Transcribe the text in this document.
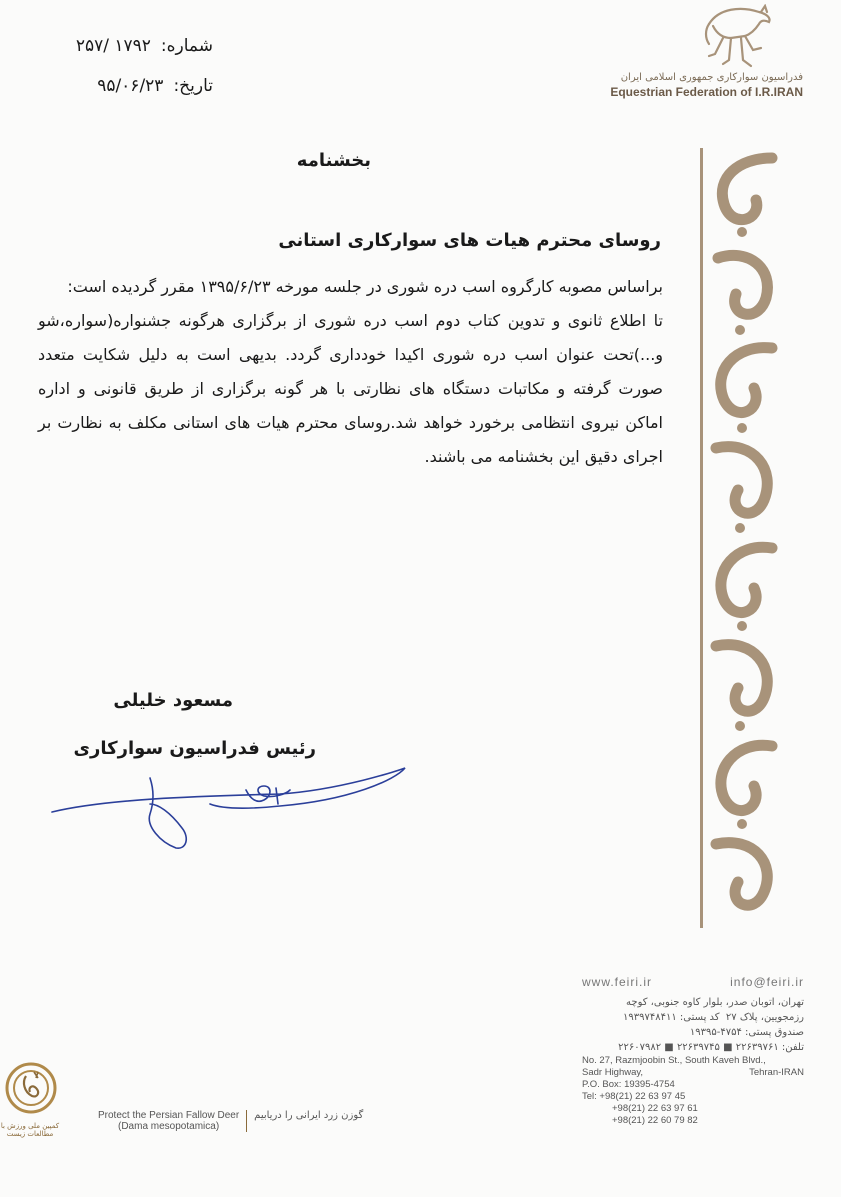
شماره:۱۷۹۲ /۲۵۷
تاریخ:۹۵/۰۶/۲۳	فدراسیون سوارکاری جمهوری اسلامی ایران
Equestrian Federation of I.R.IRAN
بخشنامه
روسای محترم هیات های سوارکاری استانی

براساس مصوبه کارگروه اسب دره شوری در جلسه مورخه ۱۳۹۵/۶/۲۳ مقرر گردیده است:

تا اطلاع ثانوی و تدوین کتاب دوم اسب دره شوری از برگزاری هرگونه جشنواره(سواره،شو و...)تحت عنوان اسب دره شوری اکیدا خودداری گردد. بدیهی است به دلیل شکایت متعدد صورت گرفته و مکاتبات دستگاه های نظارتی با هر گونه برگزاری از طریق قانونی و اداره اماکن نیروی انتظامی برخورد خواهد شد.روسای محترم هیات های استانی مکلف به نظارت بر اجرای دقیق این بخشنامه می باشند.

مسعود خلیلی
رئیس فدراسیون سوارکاری
www.feiri.ir	info@feiri.ir
تهران، اتوبان صدر، بلوار کاوه جنوبی، کوچه
رزمجویین، پلاک ۲۷  کد پستی: ۱۹۳۹۷۴۸۴۱۱
صندوق پستی: ۴۷۵۴-۱۹۳۹۵
تلفن: ۲۲۶۳۹۷۶۱ ■ ۲۲۶۳۹۷۴۵ ■ ۲۲۶۰۷۹۸۲
No. 27, Razmjoobin St., South Kaveh Blvd.,
Sadr Highway,	Tehran-IRAN
P.O. Box: 19395-4754
Tel: +98(21) 22 63 97 45
+98(21) 22 63 97 61
+98(21) 22 60 79 82
کمپین ملی ورزش با مطالعات زیست
Protect the Persian Fallow Deer
(Dama mesopotamica)
گوزن زرد ایرانی را دریابیم
